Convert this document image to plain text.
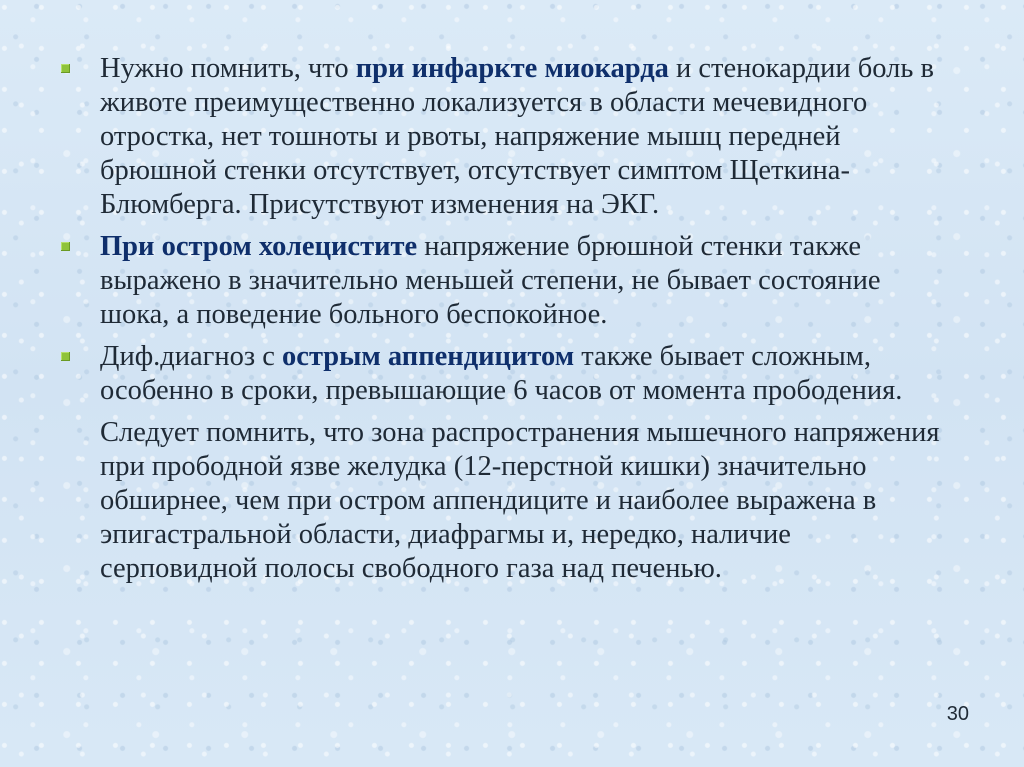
Нужно помнить, что при инфаркте миокарда и стенокардии боль в животе преимущественно локализуется в области мечевидного отростка, нет тошноты и рвоты, напряжение мышц передней брюшной стенки отсутствует, отсутствует симптом Щеткина-Блюмберга. Присутствуют изменения на ЭКГ.

При остром холецистите напряжение брюшной стенки также выражено в значительно меньшей степени, не бывает состояние шока, а поведение больного беспокойное.

Диф.диагноз с острым аппендицитом также бывает сложным, особенно в сроки, превышающие 6 часов от момента прободения.

Следует помнить, что зона распространения мышечного напряжения при прободной язве желудка (12-перстной кишки) значительно обширнее, чем при остром аппендиците и наиболее выражена в эпигастральной области, диафрагмы и, нередко, наличие серповидной полосы свободного газа над печенью.

30
